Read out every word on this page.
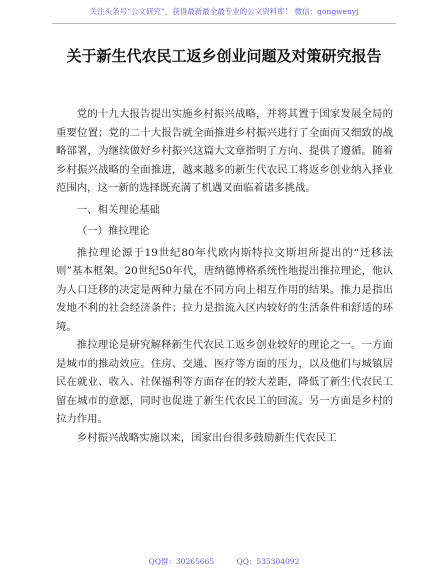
关注头条号“公文研究”，获得最新最全最专业的公文资料库！ 微信：gongwenyj
关于新生代农民工返乡创业问题及对策研究报告

党的十九大报告提出实施乡村振兴战略，并将其置于国家发展全局的重要位置；党的二十大报告就全面推进乡村振兴进行了全面而又细致的战略部署，为继续做好乡村振兴这篇大文章指明了方向、提供了遵循。随着乡村振兴战略的全面推进，越来越多的新生代农民工将返乡创业纳入择业范围内，这一新的选择既充满了机遇又面临着诸多挑战。

一、相关理论基础

（一）推拉理论

推拉理论源于19世纪80年代欧内斯特拉文斯坦所提出的“迁移法则”基本框架。20世纪50年代，唐纳德博格系统性地提出推拉理论，他认为人口迁移的决定是两种力量在不同方向上相互作用的结果。推力是指出发地不利的社会经济条件；拉力是指流入区内较好的生活条件和舒适的环境。

推拉理论是研究解释新生代农民工返乡创业较好的理论之一。一方面是城市的推动效应。住房、交通、医疗等方面的压力，以及他们与城镇居民在就业、收入、社保福利等方面存在的较大差距，降低了新生代农民工留在城市的意愿，同时也促进了新生代农民工的回流。另一方面是乡村的拉力作用。

乡村振兴战略实施以来，国家出台很多鼓励新生代农民工

QQ群：30265665	QQ：535304092
